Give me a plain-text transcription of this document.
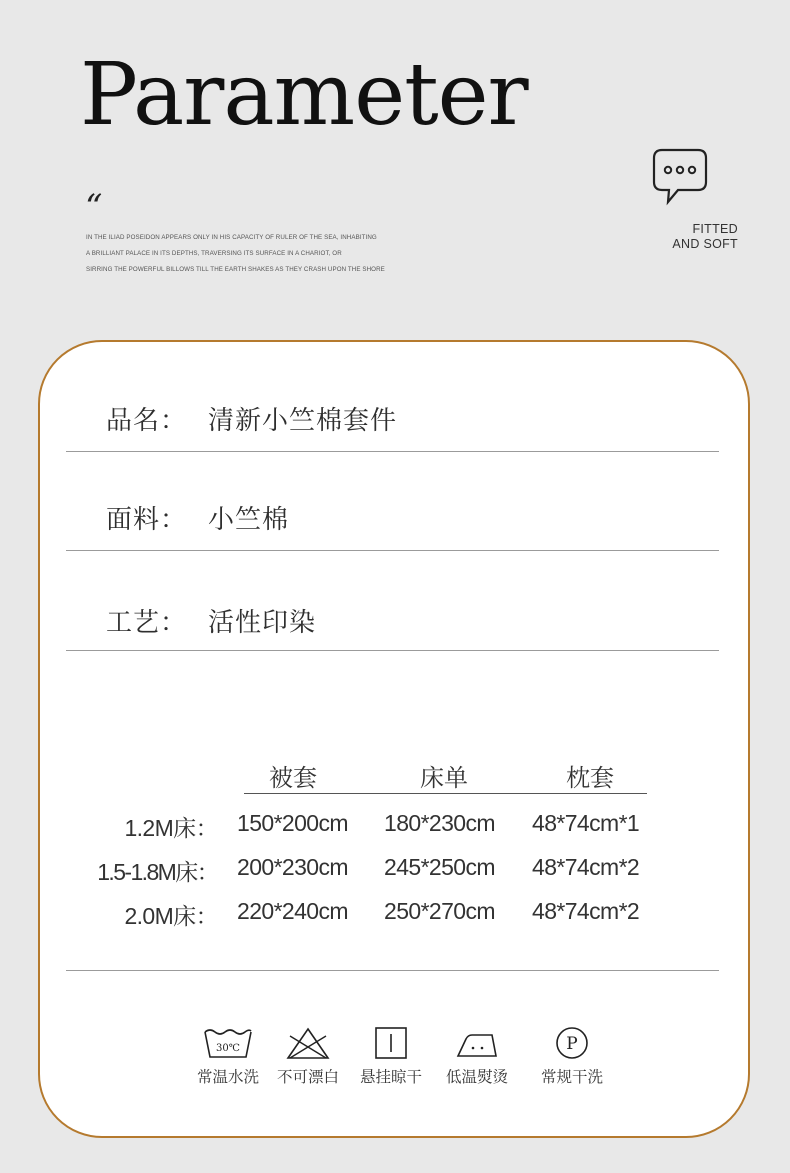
Parameter
“
IN THE ILIAD POSEIDON APPEARS ONLY IN HIS CAPACITY OF RULER OF THE SEA, INHABITING
A BRILLIANT PALACE IN ITS DEPTHS, TRAVERSING ITS SURFACE IN A CHARIOT, OR
SIRRING THE POWERFUL BILLOWS TILL THE EARTH SHAKES AS THEY CRASH UPON THE SHORE
FITTED
AND SOFT
品名： 清新小竺棉套件
面料： 小竺棉
工艺： 活性印染
被套	床单	枕套
1.2M床： 150*200cm 180*230cm 48*74cm*1
1.5-1.8M床： 200*230cm 245*250cm 48*74cm*2
2.0M床： 220*240cm 250*270cm 48*74cm*2
30℃
常温水洗	不可漂白	悬挂晾干	低温熨烫
P
常规干洗
